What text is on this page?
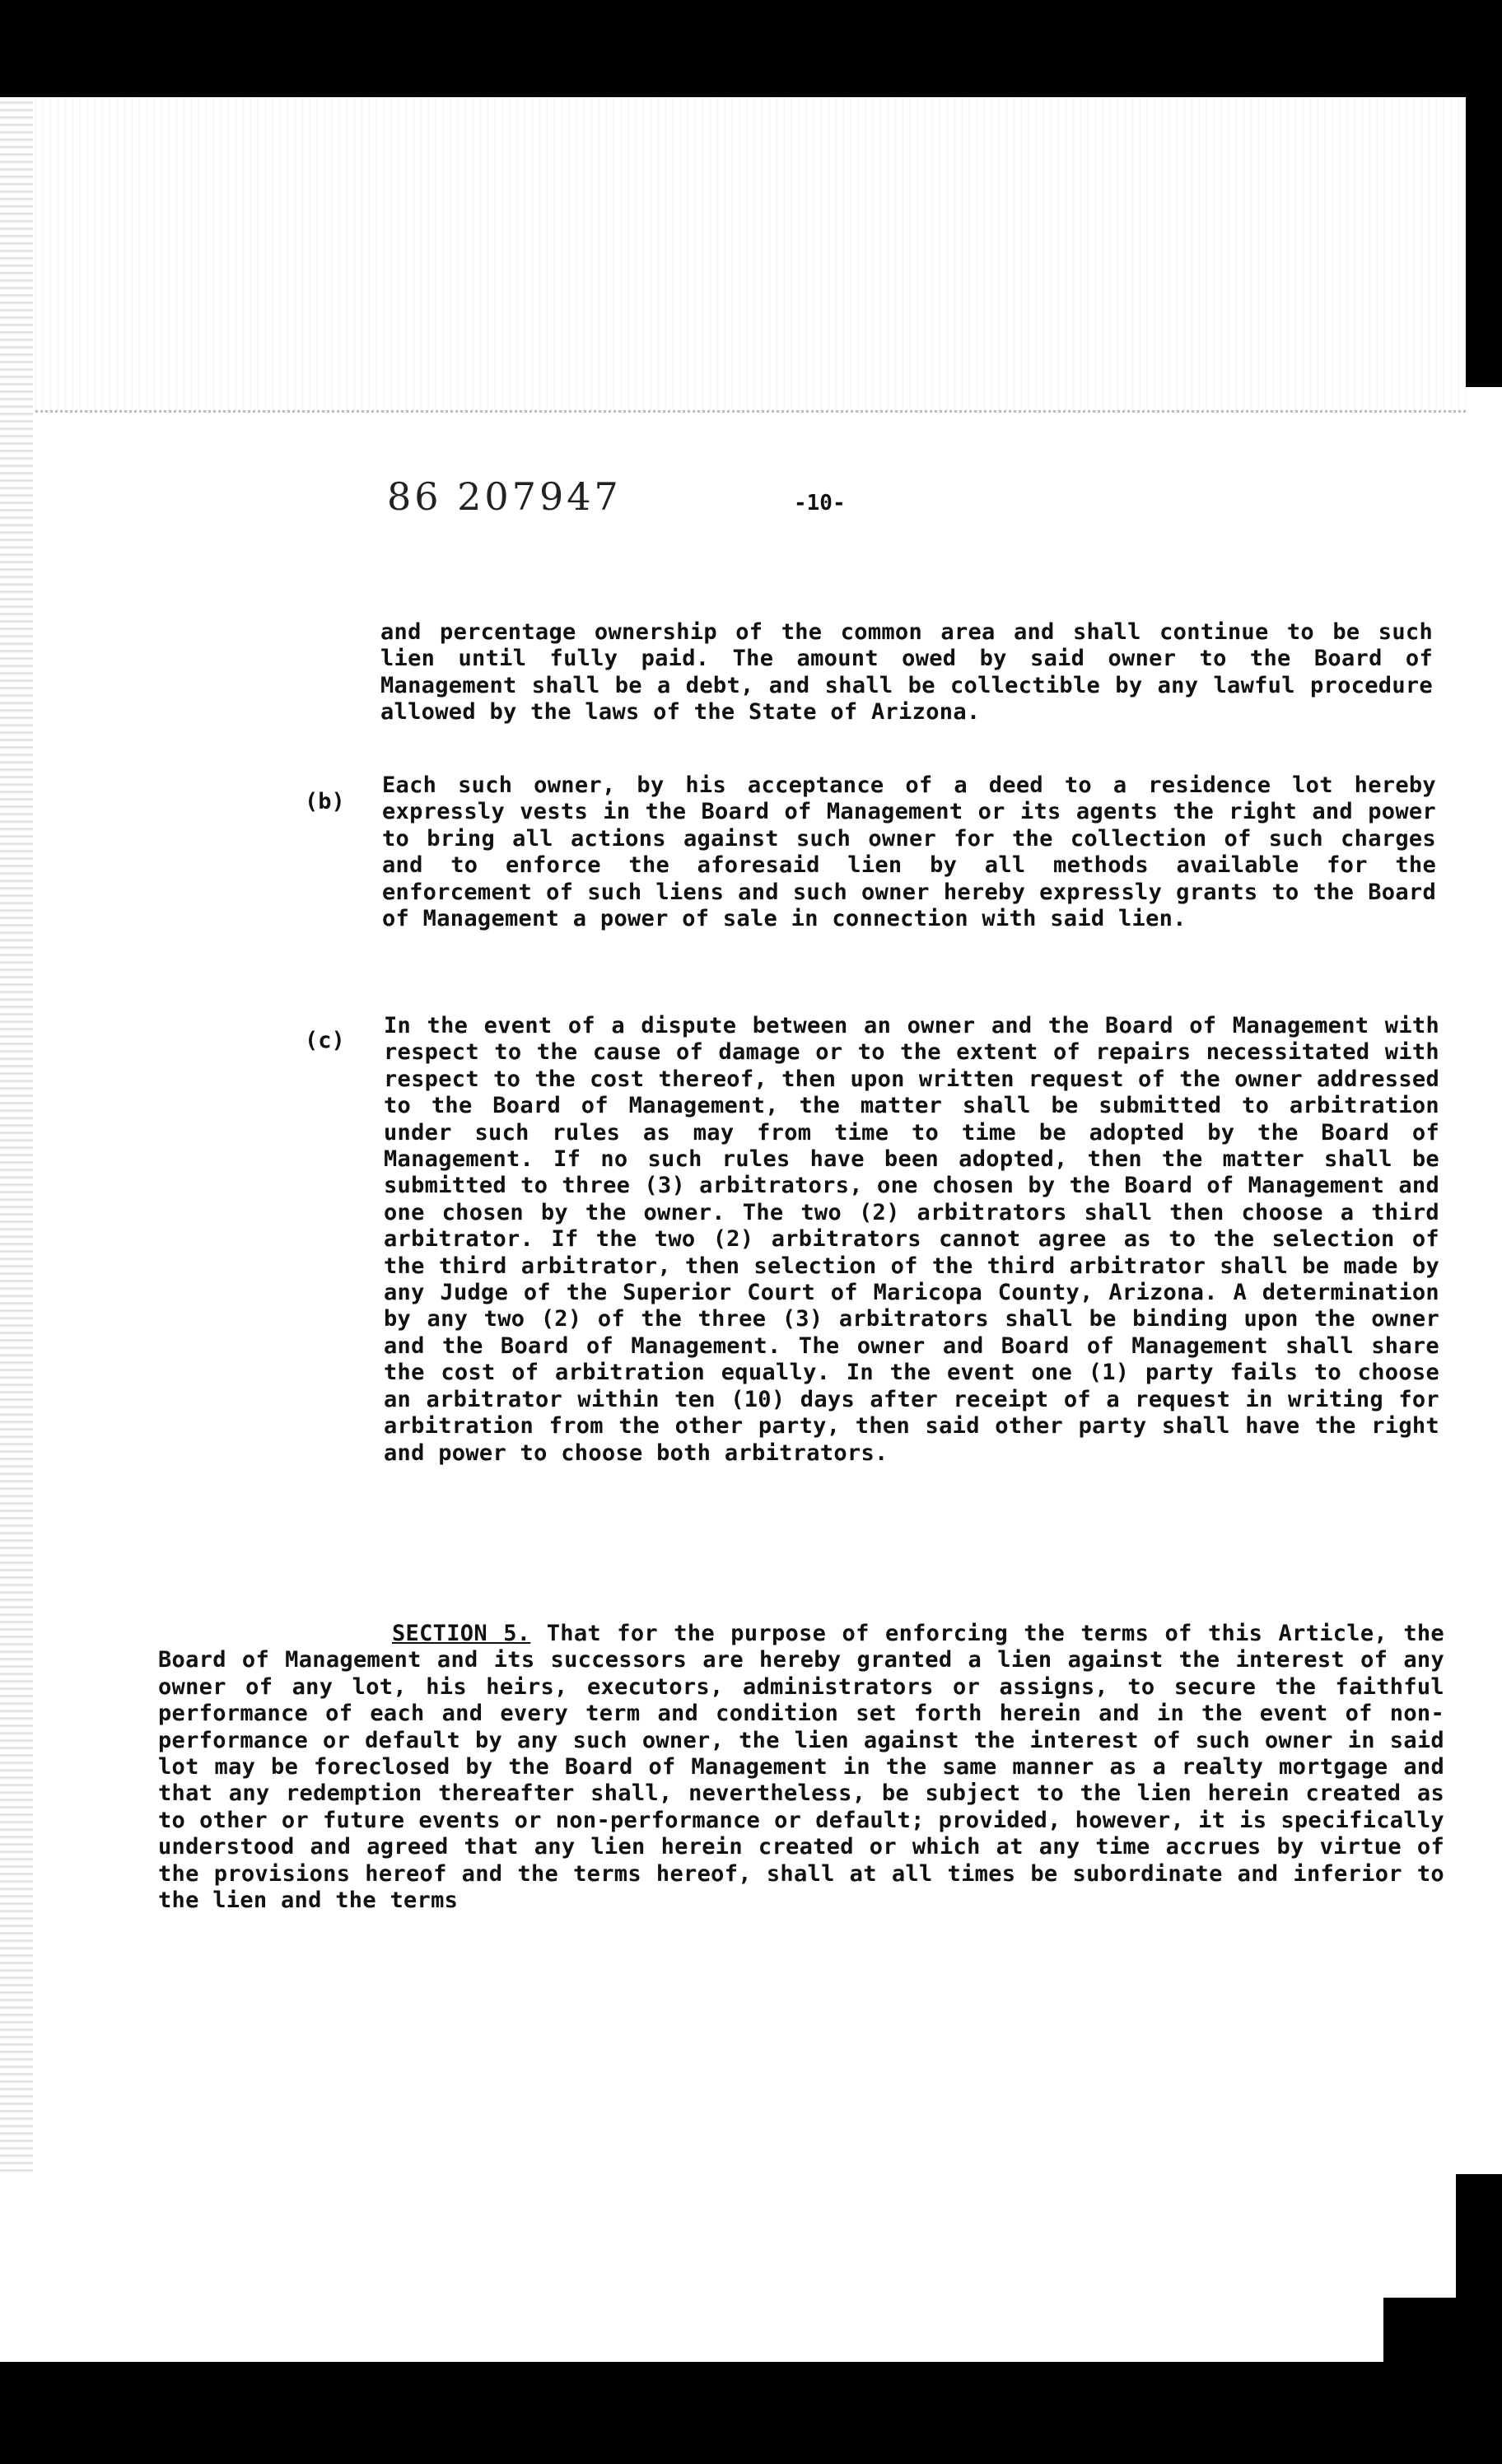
86 207947	-10-

and percentage ownership of the common area and shall continue to be such lien until fully paid. The amount owed by said owner to the Board of Management shall be a debt, and shall be collectible by any lawful procedure allowed by the laws of the State of Arizona.

(b)

Each such owner, by his acceptance of a deed to a residence lot hereby expressly vests in the Board of Management or its agents the right and power to bring all actions against such owner for the collection of such charges and to enforce the aforesaid lien by all methods available for the enforcement of such liens and such owner hereby expressly grants to the Board of Management a power of sale in connection with said lien.

(c)

In the event of a dispute between an owner and the Board of Management with respect to the cause of damage or to the extent of repairs necessitated with respect to the cost thereof, then upon written request of the owner addressed to the Board of Management, the matter shall be submitted to arbitration under such rules as may from time to time be adopted by the Board of Management. If no such rules have been adopted, then the matter shall be submitted to three (3) arbitrators, one chosen by the Board of Management and one chosen by the owner. The two (2) arbitrators shall then choose a third arbitrator. If the two (2) arbitrators cannot agree as to the selection of the third arbitrator, then selection of the third arbitrator shall be made by any Judge of the Superior Court of Maricopa County, Arizona. A determination by any two (2) of the three (3) arbitrators shall be binding upon the owner and the Board of Management. The owner and Board of Management shall share the cost of arbitration equally. In the event one (1) party fails to choose an arbitrator within ten (10) days after receipt of a request in writing for arbitration from the other party, then said other party shall have the right and power to choose both arbitrators.

SECTION 5. That for the purpose of enforcing the terms of this Article, the Board of Management and its successors are hereby granted a lien against the interest of any owner of any lot, his heirs, executors, administrators or assigns, to secure the faithful performance of each and every term and condition set forth herein and in the event of non-performance or default by any such owner, the lien against the interest of such owner in said lot may be foreclosed by the Board of Management in the same manner as a realty mortgage and that any redemption thereafter shall, nevertheless, be subject to the lien herein created as to other or future events or non-performance or default; provided, however, it is specifically understood and agreed that any lien herein created or which at any time accrues by virtue of the provisions hereof and the terms hereof, shall at all times be subordinate and inferior to the lien and the terms
